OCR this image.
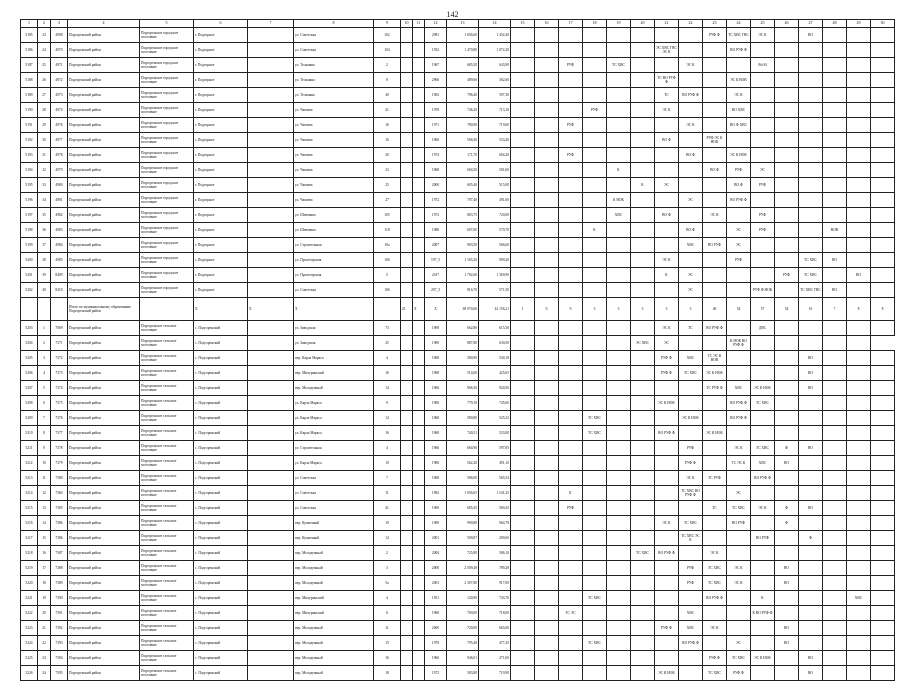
142
1	2	3	4	5	6	7	8	9	10	11	12	13	14	15	16	17	18	19	20	21	22	23	24	25	26	27	28	29	30
5185	23	4908	Подгоренский район	Подгоренское городское поселение	г. Подгорное		ул. Советская	102			2981	1 656,60	1 452,40									РУФ Ф	ТС ХВС ГВС	ЭС К		ВО			
5186	24	4970	Подгоренский район	Подгоренское городское поселение	г. Подгорное		ул. Советская	104			1932	1 470,80	1 072,20							ЭС ХВС ГВС ЭС К			ВО РУФ Ф						
5187	25	4971	Подгоренский район	Подгоренское городское поселение	г. Подгорное		ул. Тельмана	2			1967	685,50	643,90			РУФ		ТС ХВС			ЭС К			ВоЭ4					
5188	26	4972	Подгоренский район	Подгоренское городское поселение	г. Подгорное		ул. Тельмана	8			2966	489,60	362,60							ТС ВО РУФ Ф			ЭС К ВОВ						
5189	27	4973	Подгоренский район	Подгоренское городское поселение	г. Подгорное		ул. Тельмана	40			1963	796,40	597,30							ТС	ВО РУФ Ф		ЭС К						
5190	28	4974	Подгоренский район	Подгоренское городское поселение	г. Подгорное		ул. Чапаева	41			1978	746,20	713,10				РУФ			ЭС К			ВО ХВС						
5191	29	4976	Подгоренский район	Подгоренское городское поселение	г. Подгорное		ул. Чапаева	16			1971	780,90	719,60			РУФ					ЭС К		ВО Ф ХВС						
5192	30	4977	Подгоренский район	Подгоренское городское поселение	г. Подгорное		ул. Чапаева	16			1960	568,40	533,40							ВО Ф		РУФ ЭС К НОК							
5193	31	4978	Подгоренский район	Подгоренское городское поселение	г. Подгорное		ул. Чапаева	20			1974	171,70	604,20			РУФ					ВО Ф		ЭС К НОК						
5194	32	4979	Подгоренский район	Подгоренское городское поселение	г. Подгорное		ул. Чапаева	23			1968	604,50	501,60					К				ВО Ф	РУФ	ЭС					
5195	33	4980	Подгоренский район	Подгоренское городское поселение	г. Подгорное		ул. Чапаева	25			2000	605,40	515,00						К	ЭС			ВО Ф	РУФ					
5196	34	4981	Подгоренский район	Подгоренское городское поселение	г. Подгорное		ул. Чапаева	27			1972	707,40	491,60					К НОК			ЭС		ВО РУФ Ф						
5197	35	4982	Подгоренский район	Подгоренское городское поселение	г. Подгорное		ул. Шевченко	105			1972	803,75	720,00					ХВС		ВО Ф		ЭС К		РУФ					
5198	36	4983	Подгоренский район	Подгоренское городское поселение	г. Подгорное		ул. Шевченко	118			1986	607,00	570,70				К				ВО Ф		ЭС	РУФ			ВОВ		
5199	37	4984	Подгоренский район	Подгоренское городское поселение	г. Подгорное		ул. Строительная	10а			2007	903,50	566,60								ХВС	ВО РУФ	ЭС						
5200	38	4985	Подгоренский район	Подгоренское городское поселение	г. Подгорное		ул. Пролетарская	106			197_5	1 165,20	909,20							ЭС К			РУФ			ТС ХВС	ВО		
5201	39	8409	Подгоренский район	Подгоренское городское поселение	г. Подгорное		ул. Пролетарская	5			2017	1 702,60	1 369,90							К	ЭС				РУФ	ТС ХВС		ВО	
5202	40	8410	Подгоренский район	Подгоренское городское поселение	г. Подгорное		ул. Советская	106			207_5	816,70	571,50								ЭС			РУФ Ф НОК		ТС ХВС ГВС	ВО		
			Итого по муниципальному образованию Подгоренский район		X	X	X		21	X	X	69 074,66	42 156,21	1	0	9	5	5	5	5	5	46	54	57	54	16	7	8	8
5203	1	7069	Подгоренский район	Подгоренское сельское поселение	с. Подгоренский		ул. Заводская	73			1969	662,80	615,50							ЭС К	ТС	ВО РУФ Ф		ДВС					
5204	2	7371	Подгоренский район	Подгоренское сельское поселение	с. Подгоренский		ул. Заводская	25			1969	887,80	630,50						ЭС ХВС	ЭС			К НОК ВО РУФ Ф						
5205	3	7372	Подгоренский район	Подгоренское сельское поселение	с. Подгоренский		пер. Карла Маркса	4			1968	580,90	540,18							РУФ Ф	ХВС	ТС ЭС К ВОВ				ВО			
5206	4	7373	Подгоренский район	Подгоренское сельское поселение	с. Подгоренский		пер. Мичуринский	16			1968	514,60	425,65							РУФ Ф	ТС ХВС	ЭС К НОК				ВО			
5207	5	7374	Подгоренский район	Подгоренское сельское поселение	с. Подгоренский		пер. Молодежный	14			1966	966,30	920,50									ТС РУФ Ф	ХВС	ЭС К НОК		ВО			
5208	6	7375	Подгоренский район	Подгоренское сельское поселение	с. Подгоренский		ул. Карла Маркса	9			1960	779,10	745,00							ЭС К НОК			ВО РУФ Ф	ТС ХВС					
5209	7	7376	Подгоренский район	Подгоренское сельское поселение	с. Подгоренский		ул. Карла Маркса	14			1960	580,80	525,32				ТС ХВС				ЭС К НОК		ВО РУФ Ф						
5210	8	7377	Подгоренский район	Подгоренское сельское поселение	с. Подгоренский		ул. Карла Маркса	16			1960	740,51	533,00				ТС ХВС			ВО РУФ Ф		ЭС К НОК							
5211	9	7378	Подгоренский район	Подгоренское сельское поселение	с. Подгоренский		ул. Строительная	4			1966	684,90	597,85								РУФ		ЭС К	ТС ХВС	Ф	ВО			
5212	10	7379	Подгоренский район	Подгоренское сельское поселение	с. Подгоренский		ул. Карла Маркса	10			1960	562,20	491,10								РУФ Ф		ТС ЭС К	ХВС	ВО				
5213	11	7380	Подгоренский район	Подгоренское сельское поселение	с. Подгоренский		ул. Советская	7			1968	586,00	565,54								ЭС К	ТС РУФ		ВО РУФ Ф					
5214	12	7384	Подгоренский район	Подгоренское сельское поселение	с. Подгоренский		ул. Советская	11			1982	1 656,65	1 541,25			К					ТС ХВС ВО РУФ Ф		ЭС						
5215	13	7385	Подгоренский район	Подгоренское сельское поселение	с. Подгоренский		ул. Советская	41			1969	685,45	569,45			РУФ						ТС	ТС ХВС	ЭС К	Ф	ВО			
5216	14	7386	Подгоренский район	Подгоренское сельское поселение	с. Подгоренский		пер. Кузнечный	10			1969	990,80	964,78							ЭС К	ТС ХВС		ВО РУФ		Ф				
5217	15	7386	Подгоренский район	Подгоренское сельское поселение	с. Подгоренский		пер. Кузнечный	14			2001	509,87	209,60								ТС ХВС ЭС К			ВО РУФ		Ф			
5218	16	7387	Подгоренский район	Подгоренское сельское поселение	с. Подгоренский		пер. Молодежный	2			2004	725,80	586,10						ТС ХВС	ВО РУФ Ф		ЭС К							
5219	17	7388	Подгоренский район	Подгоренское сельское поселение	с. Подгоренский		пер. Молодежный	3			2000	2 509,40	789,28								РУФ	ТС ХВС	ЭС К		ВО				
5220	18	7389	Подгоренский район	Подгоренское сельское поселение	с. Подгоренский		пер. Молодежный	5а			2001	2 307,80	917,00								РУФ	ТС ХВС	ЭС К		ВО				
5221	19	7390	Подгоренский район	Подгоренское сельское поселение	с. Подгоренский		пер. Мичуринский	4			1951	120,90	743,70				ТС ХВС					ВО РУФ Ф		К				ХВС	
5222	20	7391	Подгоренский район	Подгоренское сельское поселение	с. Подгоренский		пер. Мичуринский	6			1960	769,00	718,00			ТС ЭС					ХВС			К ВО РУФ Ф					
5223	21	7392	Подгоренский район	Подгоренское сельское поселение	с. Подгоренский		пер. Молодежный	11			2000	720,00	665,60							РУФ Ф	ХВС	ЭС К			ВО				
5224	22	7393	Подгоренский район	Подгоренское сельское поселение	с. Подгоренский		пер. Молодежный	15			1970	795,40	477,45				ТС ХВС				ВО РУФ Ф		ЭС		ВО				
5225	23	7394	Подгоренский район	Подгоренское сельское поселение	с. Подгоренский		пер. Молодежный	16			1966	946,01	271,00									РУФ Ф	ТС ХВС	ЭС К НОК		ВО			
5226	24	7395	Подгоренский район	Подгоренское сельское поселение	с. Подгоренский		пер. Молодежный	18			1972	583,80	719,90							ЭС К НОК		ТС ХВС	РУФ Ф			ВО			
